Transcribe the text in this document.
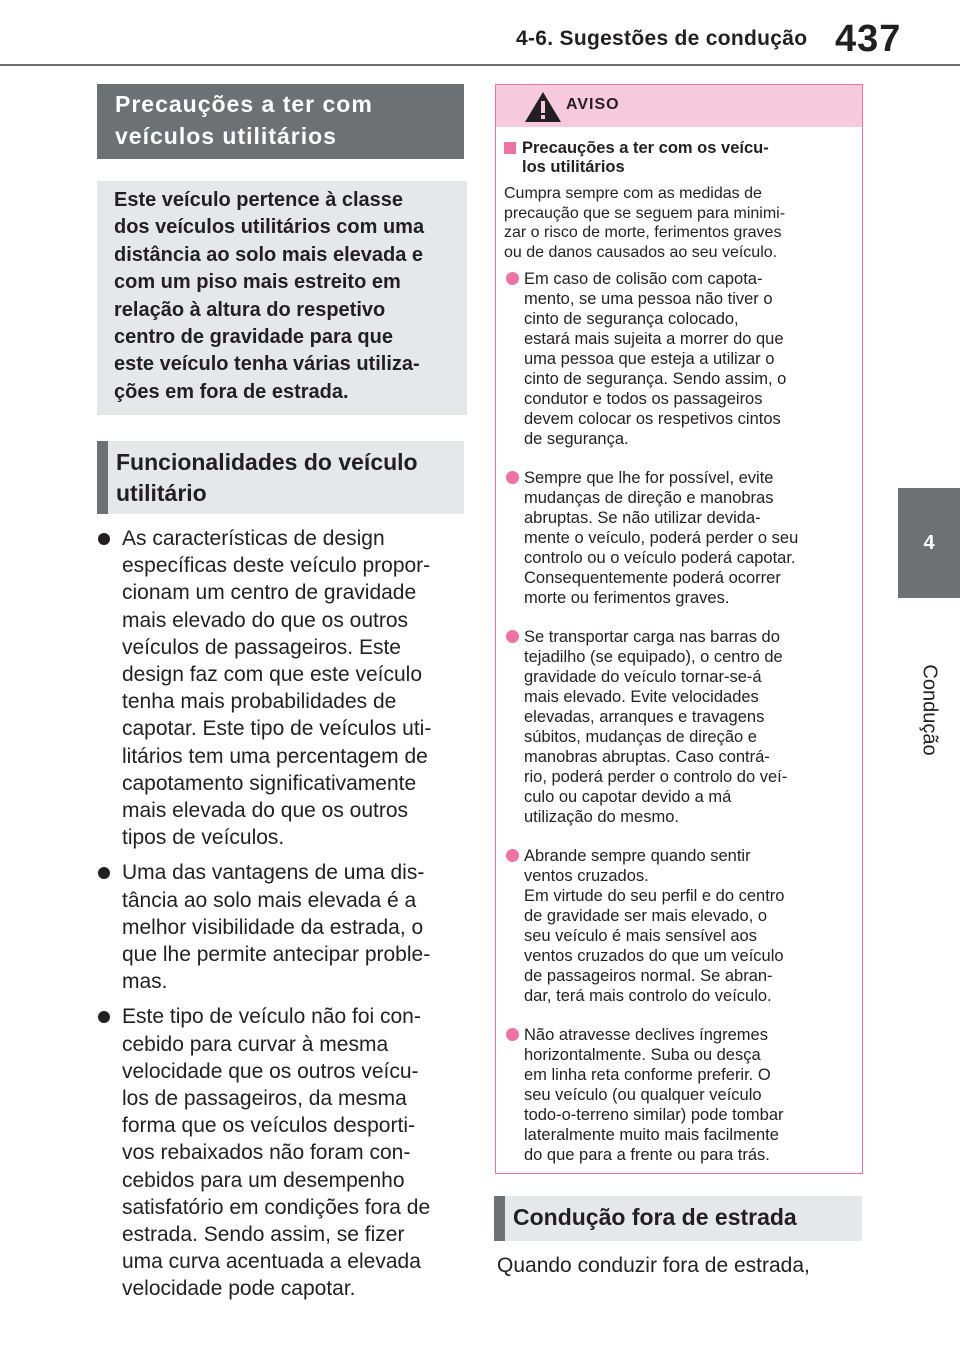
4-6. Sugestões de condução 437
4
Condução
Precauções a ter com
veículos utilitários
Este veículo pertence à classe
dos veículos utilitários com uma
distância ao solo mais elevada e
com um piso mais estreito em
relação à altura do respetivo
centro de gravidade para que
este veículo tenha várias utiliza-
ções em fora de estrada.
Funcionalidades do veículo
utilitário
As características de design
específicas deste veículo propor-
cionam um centro de gravidade
mais elevado do que os outros
veículos de passageiros. Este
design faz com que este veículo
tenha mais probabilidades de
capotar. Este tipo de veículos uti-
litários tem uma percentagem de
capotamento significativamente
mais elevada do que os outros
tipos de veículos.
Uma das vantagens de uma dis-
tância ao solo mais elevada é a
melhor visibilidade da estrada, o
que lhe permite antecipar proble-
mas.
Este tipo de veículo não foi con-
cebido para curvar à mesma
velocidade que os outros veícu-
los de passageiros, da mesma
forma que os veículos desporti-
vos rebaixados não foram con-
cebidos para um desempenho
satisfatório em condições fora de
estrada. Sendo assim, se fizer
uma curva acentuada a elevada
velocidade pode capotar.
AVISO
Precauções a ter com os veícu-
los utilitários
Cumpra sempre com as medidas de
precaução que se seguem para minimi-
zar o risco de morte, ferimentos graves
ou de danos causados ao seu veículo.
Em caso de colisão com capota-
mento, se uma pessoa não tiver o
cinto de segurança colocado,
estará mais sujeita a morrer do que
uma pessoa que esteja a utilizar o
cinto de segurança. Sendo assim, o
condutor e todos os passageiros
devem colocar os respetivos cintos
de segurança.
Sempre que lhe for possível, evite
mudanças de direção e manobras
abruptas. Se não utilizar devida-
mente o veículo, poderá perder o seu
controlo ou o veículo poderá capotar.
Consequentemente poderá ocorrer
morte ou ferimentos graves.
Se transportar carga nas barras do
tejadilho (se equipado), o centro de
gravidade do veículo tornar-se-á
mais elevado. Evite velocidades
elevadas, arranques e travagens
súbitos, mudanças de direção e
manobras abruptas. Caso contrá-
rio, poderá perder o controlo do veí-
culo ou capotar devido a má
utilização do mesmo.
Abrande sempre quando sentir
ventos cruzados.
Em virtude do seu perfil e do centro
de gravidade ser mais elevado, o
seu veículo é mais sensível aos
ventos cruzados do que um veículo
de passageiros normal. Se abran-
dar, terá mais controlo do veículo.
Não atravesse declives íngremes
horizontalmente. Suba ou desça
em linha reta conforme preferir. O
seu veículo (ou qualquer veículo
todo-o-terreno similar) pode tombar
lateralmente muito mais facilmente
do que para a frente ou para trás.
Condução fora de estrada
Quando conduzir fora de estrada,
